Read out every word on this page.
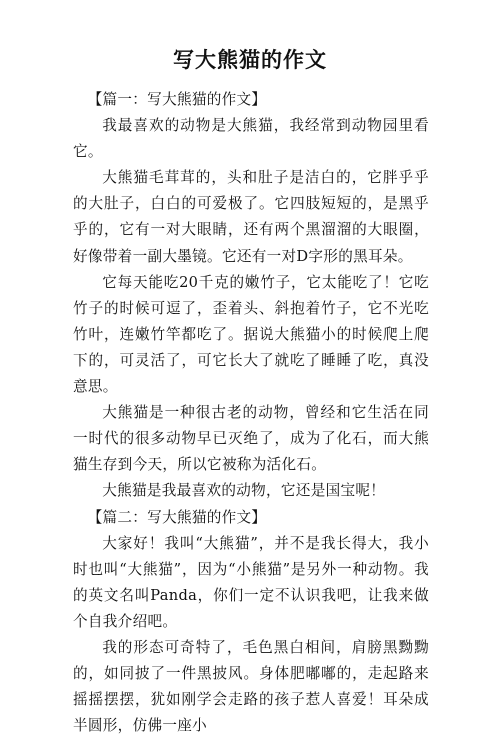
写大熊猫的作文

【篇一：写大熊猫的作文】

我最喜欢的动物是大熊猫，我经常到动物园里看它。

大熊猫毛茸茸的，头和肚子是洁白的，它胖乎乎的大肚子，白白的可爱极了。它四肢短短的，是黑乎乎的，它有一对大眼睛，还有两个黑溜溜的大眼圈，好像带着一副大墨镜。它还有一对D字形的黑耳朵。

它每天能吃20千克的嫩竹子，它太能吃了！它吃竹子的时候可逗了，歪着头、斜抱着竹子，它不光吃竹叶，连嫩竹竿都吃了。据说大熊猫小的时候爬上爬下的，可灵活了，可它长大了就吃了睡睡了吃，真没意思。

大熊猫是一种很古老的动物，曾经和它生活在同一时代的很多动物早已灭绝了，成为了化石，而大熊猫生存到今天，所以它被称为活化石。

大熊猫是我最喜欢的动物，它还是国宝呢！

【篇二：写大熊猫的作文】

大家好！我叫“大熊猫”，并不是我长得大，我小时也叫“大熊猫”，因为“小熊猫”是另外一种动物。我的英文名叫Panda，你们一定不认识我吧，让我来做个自我介绍吧。

我的形态可奇特了，毛色黑白相间，肩膀黑黝黝的，如同披了一件黑披风。身体肥嘟嘟的，走起路来摇摇摆摆，犹如刚学会走路的孩子惹人喜爱！耳朵成半圆形，仿佛一座小
